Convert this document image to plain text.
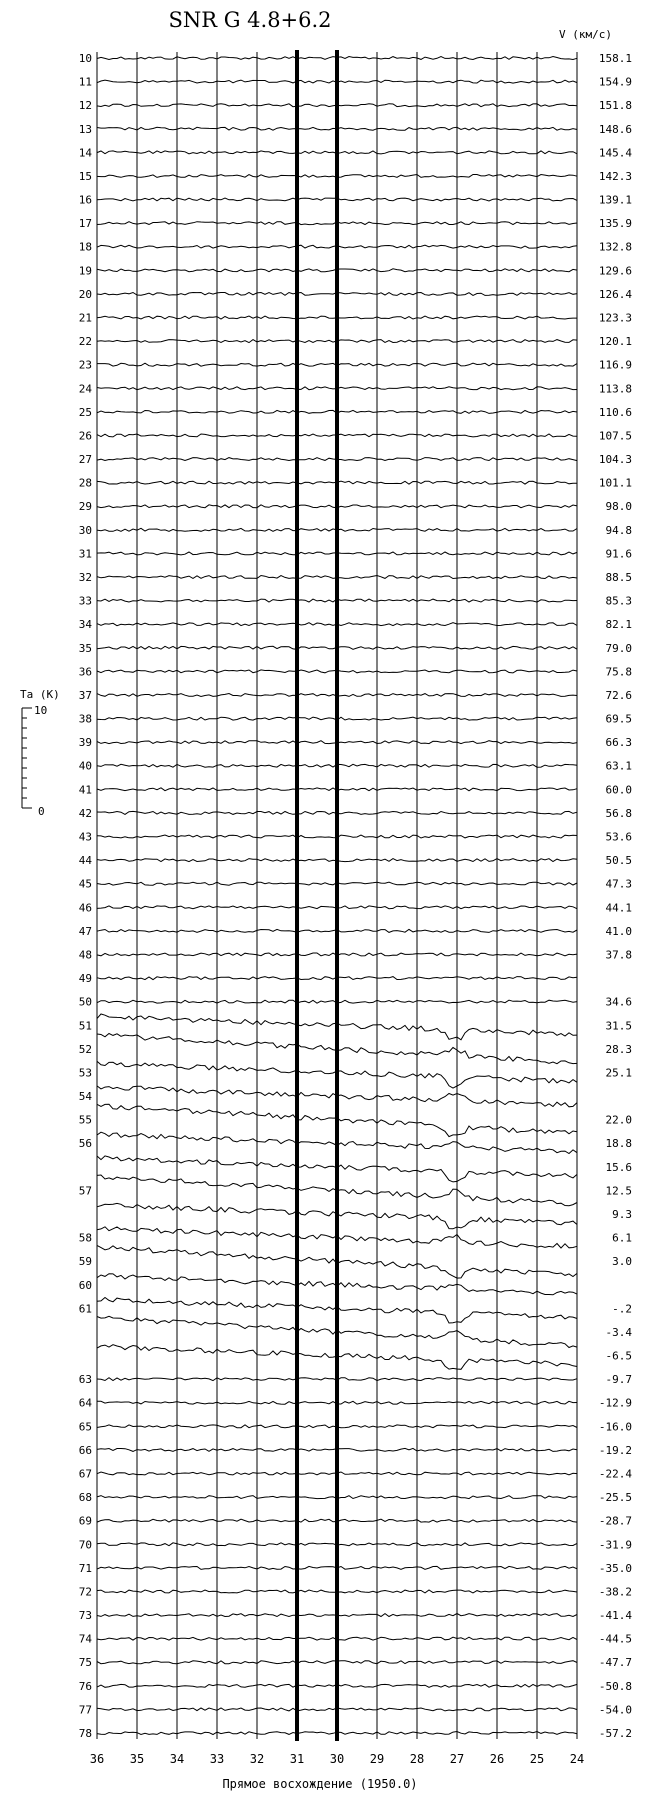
SNR G 4.8+6.2
V (км/с)
Прямое восхождение (1950.0)
Ta (K)
10
0
36 35 34 33 32 31 30 29 28 27 26 25 24
10	158.1
11	154.9
12	151.8
13	148.6
14	145.4
15	142.3
16	139.1
17	135.9
18	132.8
19	129.6
20	126.4
21	123.3
22	120.1
23	116.9
24	113.8
25	110.6
26	107.5
27	104.3
28	101.1
29	98.0
30	94.8
31	91.6
32	88.5
33	85.3
34	82.1
35	79.0
36	75.8
37	72.6
38	69.5
39	66.3
40	63.1
41	60.0
42	56.8
43	53.6
44	50.5
45	47.3
46	44.1
47	41.0
48	37.8
49
50	34.6
51	31.5
52	28.3
53	25.1
54
55	22.0
56	18.8
15.6
57	12.5
9.3
58	6.1
59	3.0
60
61	-.2
-3.4
-6.5
63	-9.7
64	-12.9
65	-16.0
66	-19.2
67	-22.4
68	-25.5
69	-28.7
70	-31.9
71	-35.0
72	-38.2
73	-41.4
74	-44.5
75	-47.7
76	-50.8
77	-54.0
78	-57.2
